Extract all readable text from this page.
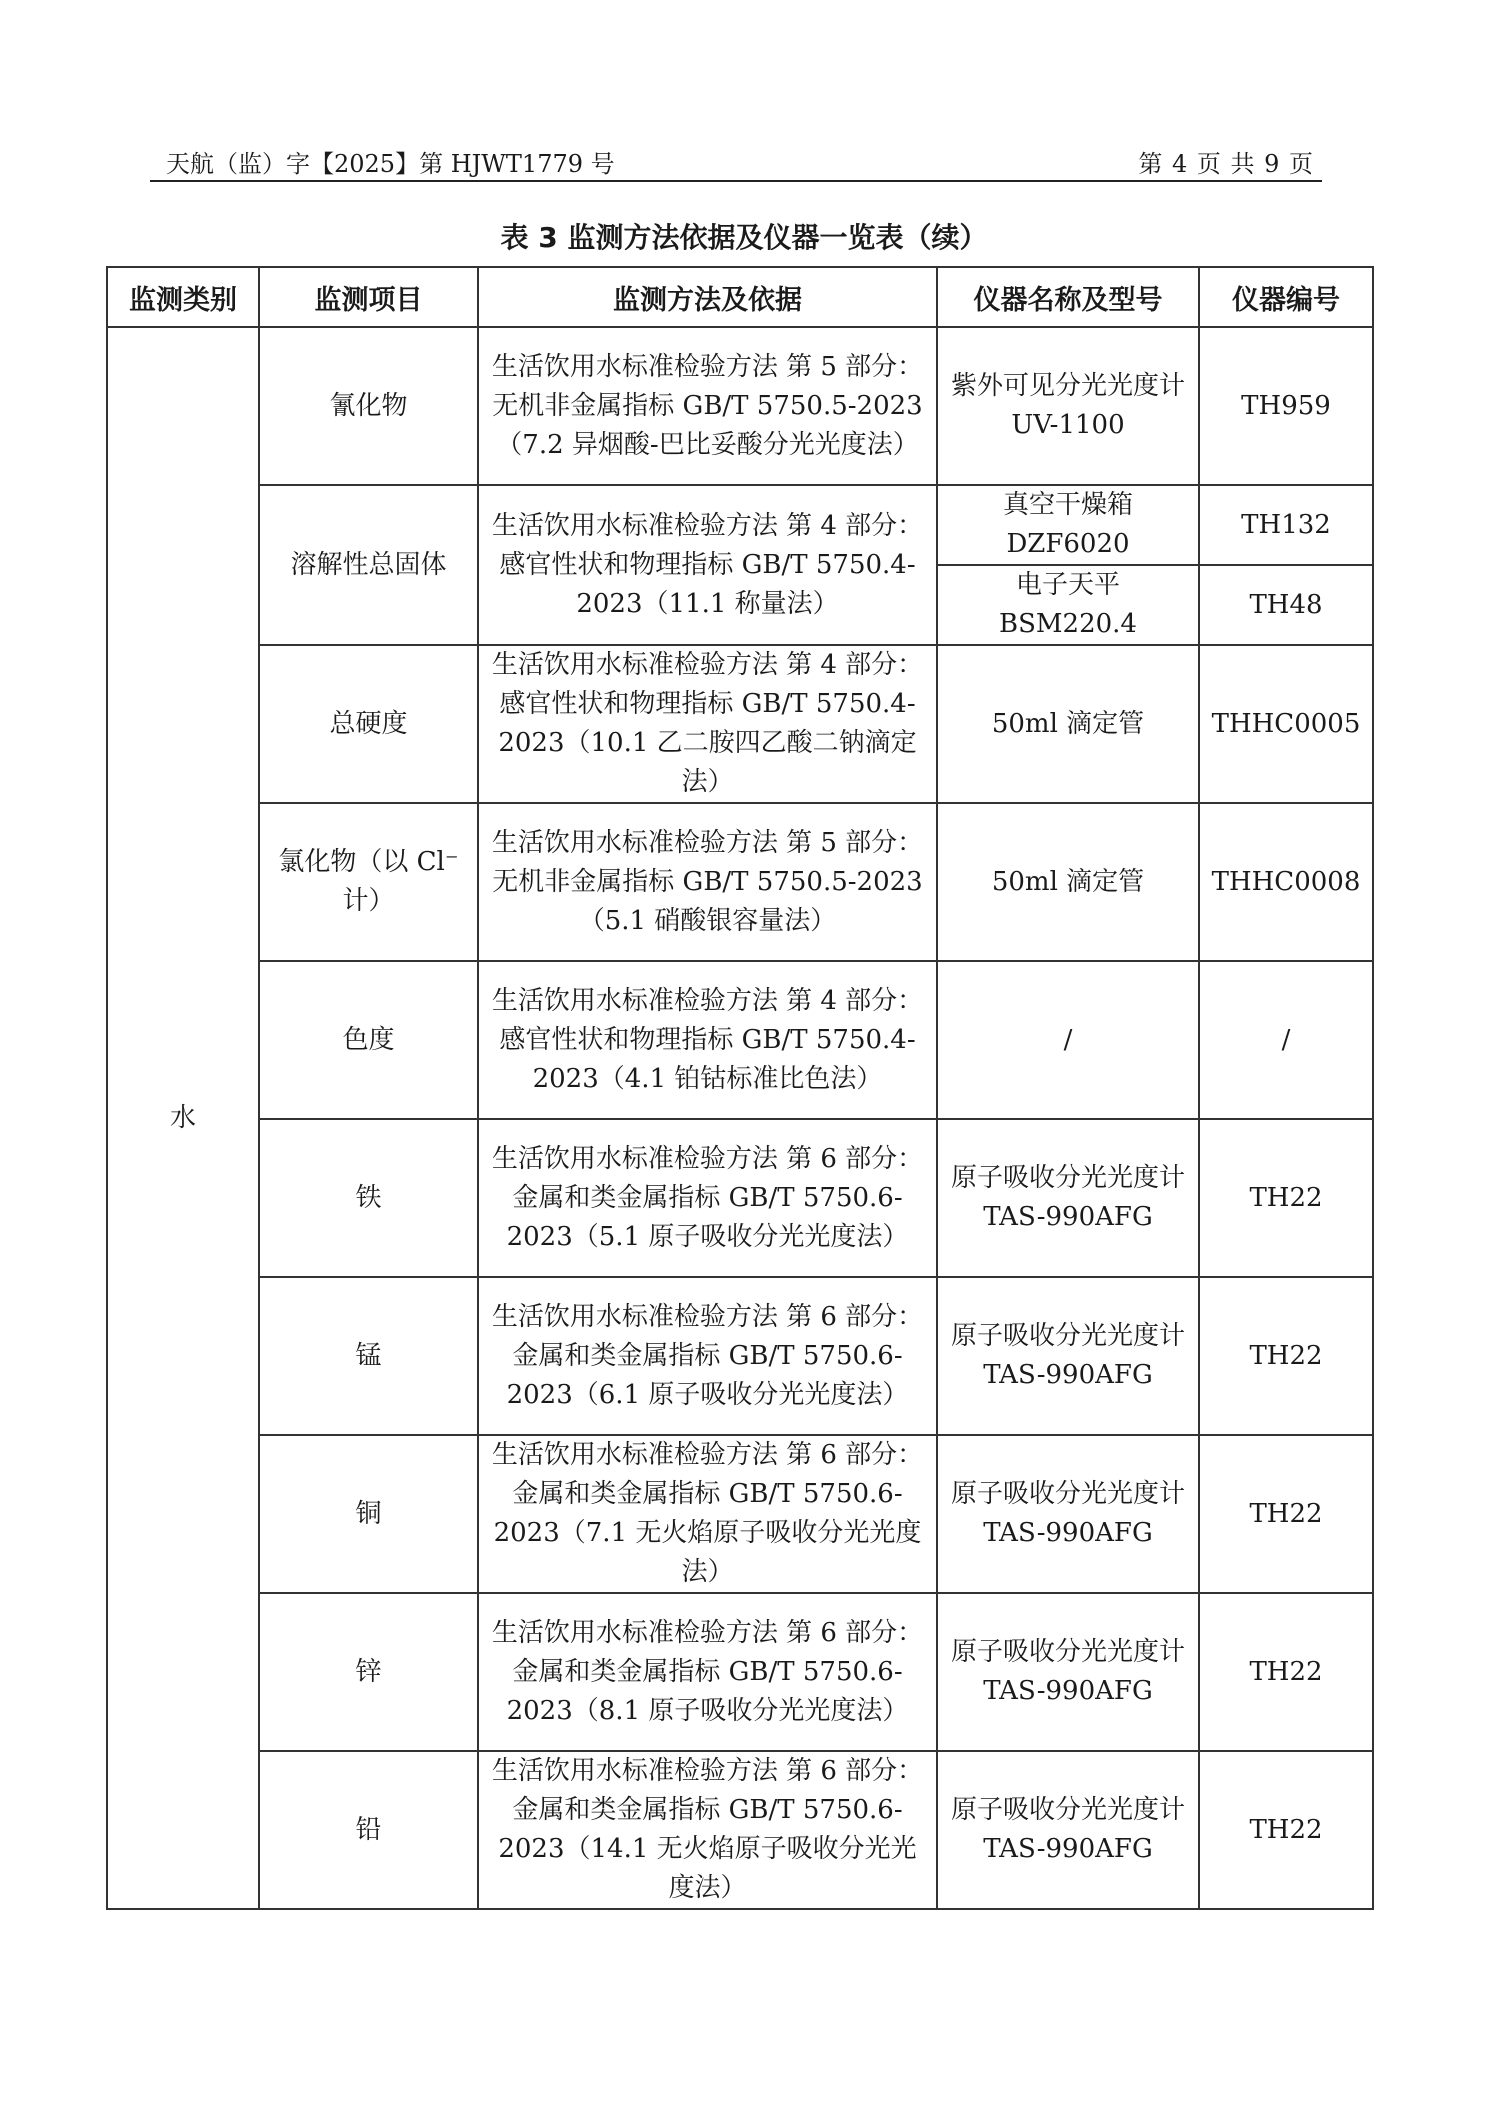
天航（监）字【2025】第 HJWT1779 号	第 4 页 共 9 页
表 3 监测方法依据及仪器一览表（续）
监测类别	监测项目	监测方法及依据	仪器名称及型号	仪器编号
水	氰化物	生活饮用水标准检验方法 第 5 部分：无机非金属指标 GB/T 5750.5-2023（7.2 异烟酸-巴比妥酸分光光度法）	紫外可见分光光度计 UV-1100	TH959
	溶解性总固体	生活饮用水标准检验方法 第 4 部分：感官性状和物理指标 GB/T 5750.4-2023（11.1 称量法）	真空干燥箱 DZF6020	TH132
			电子天平 BSM220.4	TH48
	总硬度	生活饮用水标准检验方法 第 4 部分：感官性状和物理指标 GB/T 5750.4-2023（10.1 乙二胺四乙酸二钠滴定法）	50ml 滴定管	THHC0005
	氯化物（以 Cl⁻计）	生活饮用水标准检验方法 第 5 部分：无机非金属指标 GB/T 5750.5-2023（5.1 硝酸银容量法）	50ml 滴定管	THHC0008
	色度	生活饮用水标准检验方法 第 4 部分：感官性状和物理指标 GB/T 5750.4-2023（4.1 铂钴标准比色法）	/	/
	铁	生活饮用水标准检验方法 第 6 部分：金属和类金属指标 GB/T 5750.6-2023（5.1 原子吸收分光光度法）	原子吸收分光光度计 TAS-990AFG	TH22
	锰	生活饮用水标准检验方法 第 6 部分：金属和类金属指标 GB/T 5750.6-2023（6.1 原子吸收分光光度法）	原子吸收分光光度计 TAS-990AFG	TH22
	铜	生活饮用水标准检验方法 第 6 部分：金属和类金属指标 GB/T 5750.6-2023（7.1 无火焰原子吸收分光光度法）	原子吸收分光光度计 TAS-990AFG	TH22
	锌	生活饮用水标准检验方法 第 6 部分：金属和类金属指标 GB/T 5750.6-2023（8.1 原子吸收分光光度法）	原子吸收分光光度计 TAS-990AFG	TH22
	铅	生活饮用水标准检验方法 第 6 部分：金属和类金属指标 GB/T 5750.6-2023（14.1 无火焰原子吸收分光光度法）	原子吸收分光光度计 TAS-990AFG	TH22
